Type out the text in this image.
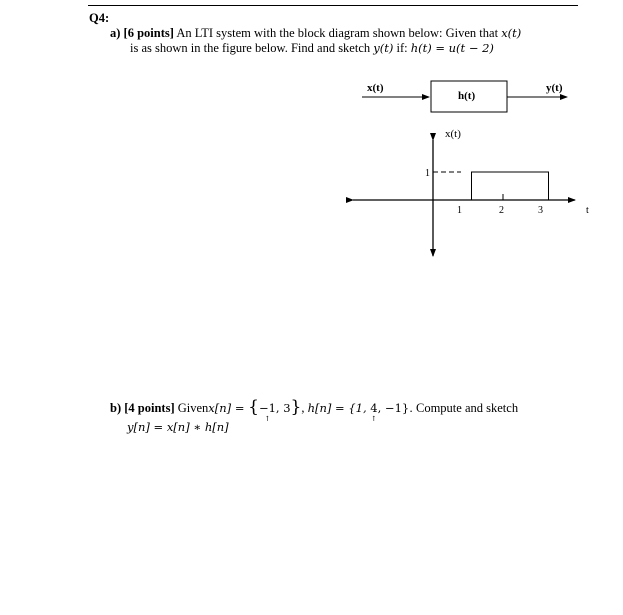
Q4:
a) [6 points] An LTI system with the block diagram shown below: Given that x(t)
is as shown in the figure below. Find and sketch y(t) if: h(t) = u(t − 2)
x(t)
h(t)
y(t)
x(t)
1
1	2	3	t
b) [4 points] Givenx[n] = {−1 ↑, 3}, h[n] = {1, 4 ↑, −1}. Compute and sketch
y[n] = x[n] ∗ h[n]
